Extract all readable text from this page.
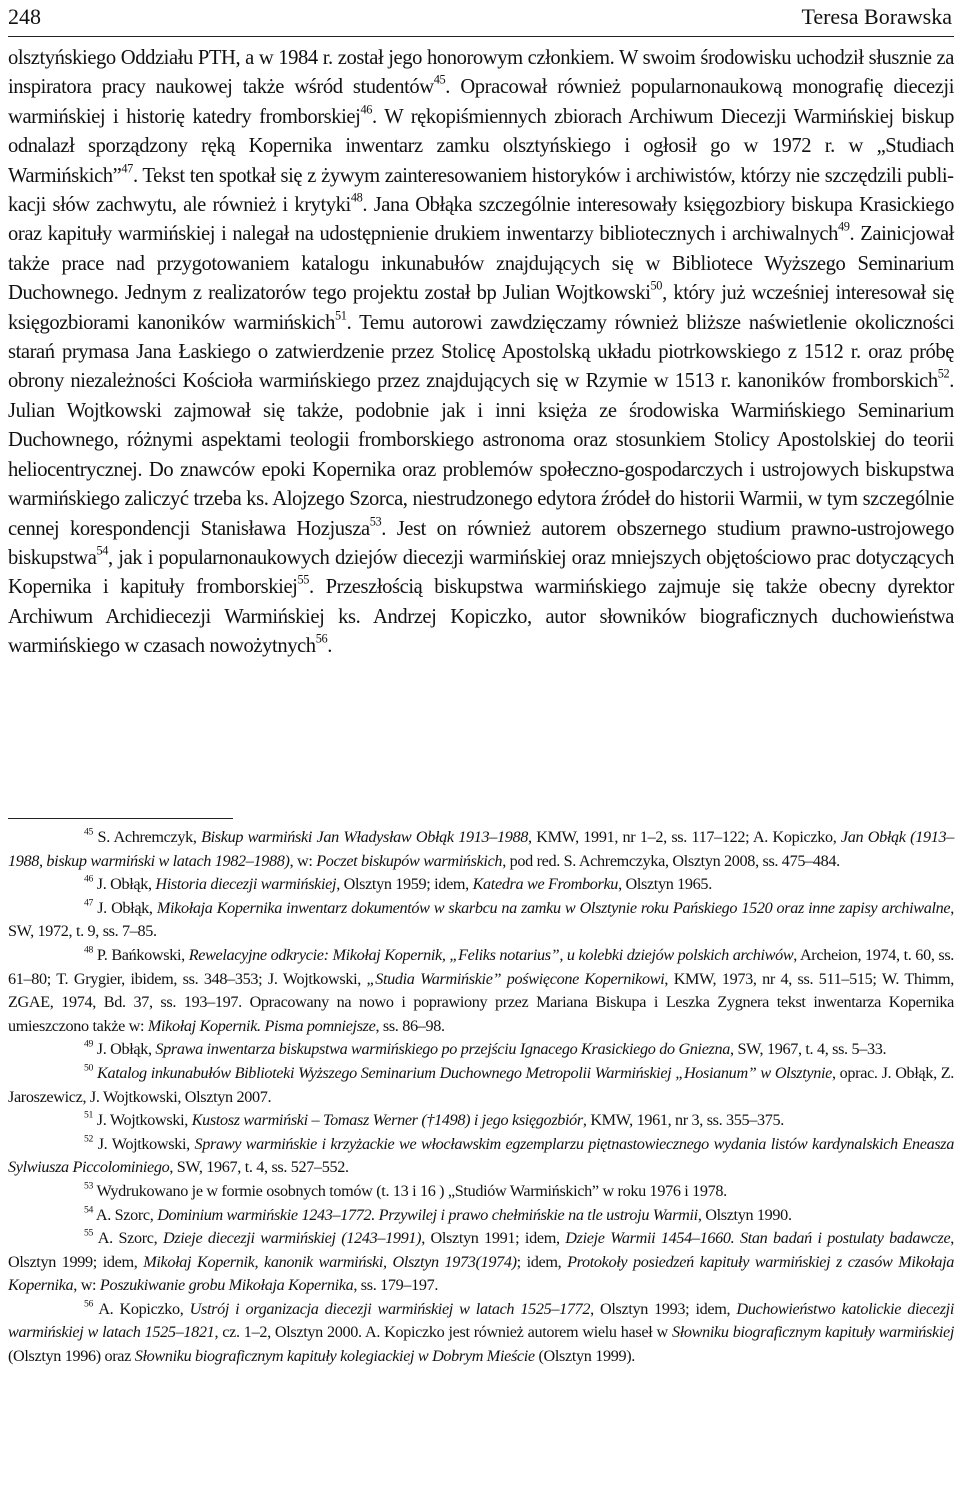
248	Teresa Borawska

olsztyńskiego Oddziału PTH, a w 1984 r. został jego honorowym członkiem. W swoim środowisku uchodził słusznie za inspiratora pracy naukowej także wśród studentów$^{45}$. Opracował również popularnonaukową monografię diecezji warmińskiej i historię katedry fromborskiej$^{46}$. W rękopiśmiennych zbiorach Archiwum Diecezji Warmińskiej biskup odnalazł sporządzony ręką Kopernika inwentarz zamku olsztyńskiego i ogłosił go w 1972 r. w „Studiach Warmińskich”$^{47}$. Tekst ten spotkał się z żywym zainteresowaniem historyków i archiwistów, którzy nie szczędzili publikacji słów zachwytu, ale również i krytyki$^{48}$. Jana Obłąka szczególnie interesowały księgozbiory biskupa Krasickiego oraz kapituły warmińskiej i nalegał na udostępnienie drukiem inwentarzy bibliotecznych i archiwalnych$^{49}$. Zainicjował także prace nad przygotowaniem katalogu inkunabułów znajdujących się w Bibliotece Wyższego Seminarium Duchownego. Jednym z realizatorów tego projektu został bp Julian Wojtkowski$^{50}$, który już wcześniej interesował się księgozbiorami kanoników warmińskich$^{51}$. Temu autorowi zawdzięczamy również bliższe naświetlenie okoliczności starań prymasa Jana Łaskiego o zatwierdzenie przez Stolicę Apostolską układu piotrkowskiego z 1512 r. oraz próbę obrony niezależności Kościoła warmińskiego przez znajdujących się w Rzymie w 1513 r. kanoników fromborskich$^{52}$. Julian Wojtkowski zajmował się także, podobnie jak i inni księża ze środowiska Warmińskiego Seminarium Duchownego, różnymi aspektami teologii fromborskiego astronoma oraz stosunkiem Stolicy Apostolskiej do teorii heliocentrycznej. Do znawców epoki Kopernika oraz problemów społeczno-gospodarczych i ustrojowych biskupstwa warmińskiego zaliczyć trzeba ks. Alojzego Szorca, niestrudzonego edytora źródeł do historii Warmii, w tym szczególnie cennej korespondencji Stanisława Hozjusza$^{53}$. Jest on również autorem obszernego studium prawno-ustrojowego biskupstwa$^{54}$, jak i popularnonaukowych dziejów diecezji warmińskiej oraz mniejszych objętościowo prac dotyczących Kopernika i kapituły fromborskiej$^{55}$. Przeszłością biskupstwa warmińskiego zajmuje się także obecny dyrektor Archiwum Archidiecezji Warmińskiej ks. Andrzej Kopiczko, autor słowników biograficznych duchowieństwa warmińskiego w czasach nowożytnych$^{56}$.

$^{45}$ S. Achremczyk, Biskup warmiński Jan Władysław Obłąk 1913–1988, KMW, 1991, nr 1–2, ss. 117–122; A. Kopiczko, Jan Obłąk (1913–1988, biskup warmiński w latach 1982–1988), w: Poczet biskupów warmińskich, pod red. S. Achremczyka, Olsztyn 2008, ss. 475–484.

$^{46}$ J. Obłąk, Historia diecezji warmińskiej, Olsztyn 1959; idem, Katedra we Fromborku, Olsztyn 1965.

$^{47}$ J. Obłąk, Mikołaja Kopernika inwentarz dokumentów w skarbcu na zamku w Olsztynie roku Pańskiego 1520 oraz inne zapisy archiwalne, SW, 1972, t. 9, ss. 7–85.

$^{48}$ P. Bańkowski, Rewelacyjne odkrycie: Mikołaj Kopernik, „Feliks notarius”, u kolebki dziejów polskich archiwów, Archeion, 1974, t. 60, ss. 61–80; T. Grygier, ibidem, ss. 348–353; J. Wojtkowski, „Studia Warmińskie” poświęcone Kopernikowi, KMW, 1973, nr 4, ss. 511–515; W. Thimm, ZGAE, 1974, Bd. 37, ss. 193–197. Opracowany na nowo i poprawiony przez Mariana Biskupa i Leszka Zygnera tekst inwentarza Kopernika umieszczono także w: Mikołaj Kopernik. Pisma pomniejsze, ss. 86–98.

$^{49}$ J. Obłąk, Sprawa inwentarza biskupstwa warmińskiego po przejściu Ignacego Krasickiego do Gniezna, SW, 1967, t. 4, ss. 5–33.

$^{50}$ Katalog inkunabułów Biblioteki Wyższego Seminarium Duchownego Metropolii Warmińskiej „Hosianum” w Olsztynie, oprac. J. Obłąk, Z. Jaroszewicz, J. Wojtkowski, Olsztyn 2007.

$^{51}$ J. Wojtkowski, Kustosz warmiński – Tomasz Werner (†1498) i jego księgozbiór, KMW, 1961, nr 3, ss. 355–375.

$^{52}$ J. Wojtkowski, Sprawy warmińskie i krzyżackie we włocławskim egzemplarzu piętnastowiecznego wydania listów kardynalskich Eneasza Sylwiusza Piccolominiego, SW, 1967, t. 4, ss. 527–552.

$^{53}$ Wydrukowano je w formie osobnych tomów (t. 13 i 16 ) „Studiów Warmińskich” w roku 1976 i 1978.

$^{54}$ A. Szorc, Dominium warmińskie 1243–1772. Przywilej i prawo chełmińskie na tle ustroju Warmii, Olsztyn 1990.

$^{55}$ A. Szorc, Dzieje diecezji warmińskiej (1243–1991), Olsztyn 1991; idem, Dzieje Warmii 1454–1660. Stan badań i postulaty badawcze, Olsztyn 1999; idem, Mikołaj Kopernik, kanonik warmiński, Olsztyn 1973(1974); idem, Protokoły posiedzeń kapituły warmińskiej z czasów Mikołaja Kopernika, w: Poszukiwanie grobu Mikołaja Kopernika, ss. 179–197.

$^{56}$ A. Kopiczko, Ustrój i organizacja diecezji warmińskiej w latach 1525–1772, Olsztyn 1993; idem, Duchowieństwo katolickie diecezji warmińskiej w latach 1525–1821, cz. 1–2, Olsztyn 2000. A. Kopiczko jest również autorem wielu haseł w Słowniku biograficznym kapituły warmińskiej (Olsztyn 1996) oraz Słowniku biograficznym kapituły kolegiackiej w Dobrym Mieście (Olsztyn 1999).
